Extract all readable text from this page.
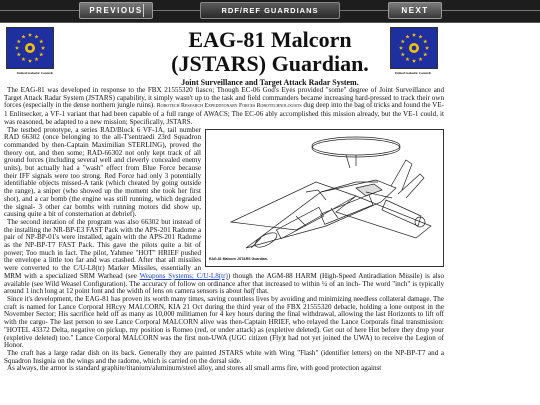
PREVIOUS	RDF/REF GUARDIANS	NEXT
United Galactic Council.	United Galactic Council.
EAG-81 Malcorn (JSTARS) Guardian.
Joint Surveillance and Target Attack Radar System.

The EAG-81 was developed in response to the FBX 21555320 fiasco; Though EC-06 God's Eyes provided "some" degree of Joint Surveillance and Target Attack Radar System (JSTARS) capability, it simply wasn't up to the task and field commanders became increasing hard-pressed to track their own forces (especially in the dense northern jungle ruins). Robotech Research Expeditionary Forces Robotechnologists dug deep into the bag of tricks and found the VE-1 Enlitsecker, a VF-1 variant that had been capable of a full range of AWACS; The EC-06 ably accomplished this mission already, but the VE-1 could, it was reasoned, be adapted to a new mission; Specifically, JSTARS.

EAG-81 Malcorn JSTARS Guardian.

The testbed prototype, a series RAD/Block 6 VF-1A, tail number RAD 66302 (once belonging to the all-T'sentraedi 23rd Squadron commanded by then-Captain Maximilian STERLING), proved the theory out, and then some; RAD-66302 not only kept track of all ground forces (including several well and cleverly concealed enemy units), but actually had a "wash" effect from Blue Force because their IFF signals were too strong. Red Force had only 3 potentially identifiable objects missed-A tank (which cheated by going outside the range), a sniper (who showed up the moment she took her first shot), and a car bomb (the engine was still running, which degraded the signal- 3 other car bombs with running motors did show up, causing quite a bit of consternation at debrief).

The second iteration of the program was also 66302 but instead of the installing the NR-BP-E3 FAST Pack with the APS-201 Radome a pair of NP-BP-01's were installed, again with the APS-201 Radome as the NP-BP-T7 FAST Pack. This gave the pilots quite a bit of power; Too much in fact. The pilot, Yahmee "HOT" HRIEF pushed the envelope a little too far and was crashed. After that all missiles were converted to the C/U-L8(tr) Marker Missiles, essentially an MRM with a specialized SRM Warhead (see Weapons Systems; C/U-L8(tr)) though the AGM-88 HARM (High-Speed Antiradiation Missile) is also available (see Wild Weasel Configuration). The accuracy of follow on ordinance after that increased to within ¼ of an inch- The word "inch" is typically around 1 inch long at 12 point font and the width of lens on camera sensors is about half that.

Since it's development, the EAG-81 has proven its worth many times, saving countless lives by avoiding and minimizing needless collateral damage. The craft is named for Lance Corporal HRcyy MALCORN, KIA 21 Oct during the third year of the FBX 21555320 debacle, holding a lone outpost in the November Sector; His sacrifice held off as many as 10,000 militiamen for 4 key hours during the final withdrawal, allowing the last Horizonts to lift off with the cargo- The last person to see Lance Corporal MALCORN alive was then-Captain HRIEF, who relayed the Lance Corporals final transmission: "HOTEL 43372 Delta, negative on pickup, my position is Romeo (red, or under attack) as (expletive deleted). Get out of here Hot before they drop your (expletive deleted) too." Lance Corporal MALCORN was the first non-UWA (UGC citizen (Fly)t had not yet joined the UWA) to receive the Legion of Honor.

The craft has a large radar dish on its back. Generally they are painted JSTARS white with Wing "Flash" (identifier letters) on the NP-BP-T7 and a Squadron Insignia on the wings and the radome, which is carried on the dorsal side.

As always, the armor is standard graphite/titanium/aluminum/steel alloy, and stores all small arms fire, with good protection against
